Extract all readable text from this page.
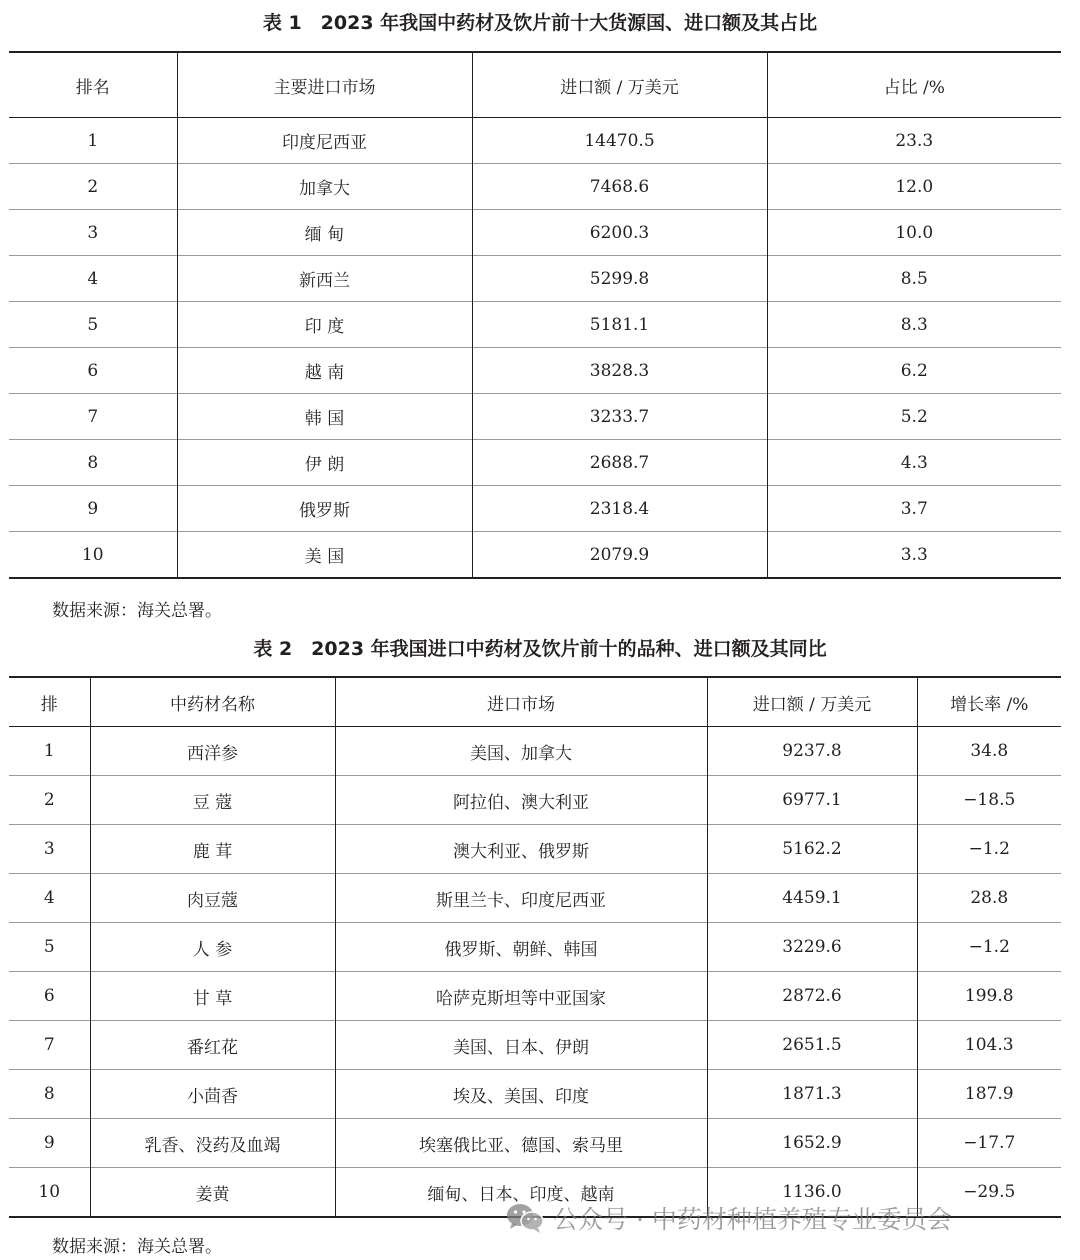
表 1　2023 年我国中药材及饮片前十大货源国、进口额及其占比
排名	主要进口市场	进口额 / 万美元	占比 /%
1	印度尼西亚	14470.5	23.3
2	加拿大	7468.6	12.0
3	缅 甸	6200.3	10.0
4	新西兰	5299.8	8.5
5	印 度	5181.1	8.3
6	越 南	3828.3	6.2
7	韩 国	3233.7	5.2
8	伊 朗	2688.7	4.3
9	俄罗斯	2318.4	3.7
10	美 国	2079.9	3.3
数据来源：海关总署。
表 2　2023 年我国进口中药材及饮片前十的品种、进口额及其同比
排	中药材名称	进口市场	进口额 / 万美元	增长率 /%
1	西洋参	美国、加拿大	9237.8	34.8
2	豆 蔻	阿拉伯、澳大利亚	6977.1	−18.5
3	鹿 茸	澳大利亚、俄罗斯	5162.2	−1.2
4	肉豆蔻	斯里兰卡、印度尼西亚	4459.1	28.8
5	人 参	俄罗斯、朝鲜、韩国	3229.6	−1.2
6	甘 草	哈萨克斯坦等中亚国家	2872.6	199.8
7	番红花	美国、日本、伊朗	2651.5	104.3
8	小茴香	埃及、美国、印度	1871.3	187.9
9	乳香、没药及血竭	埃塞俄比亚、德国、索马里	1652.9	−17.7
10	姜黄	缅甸、日本、印度、越南	1136.0	−29.5
数据来源：海关总署。
公众号 · 中药材种植养殖专业委员会
